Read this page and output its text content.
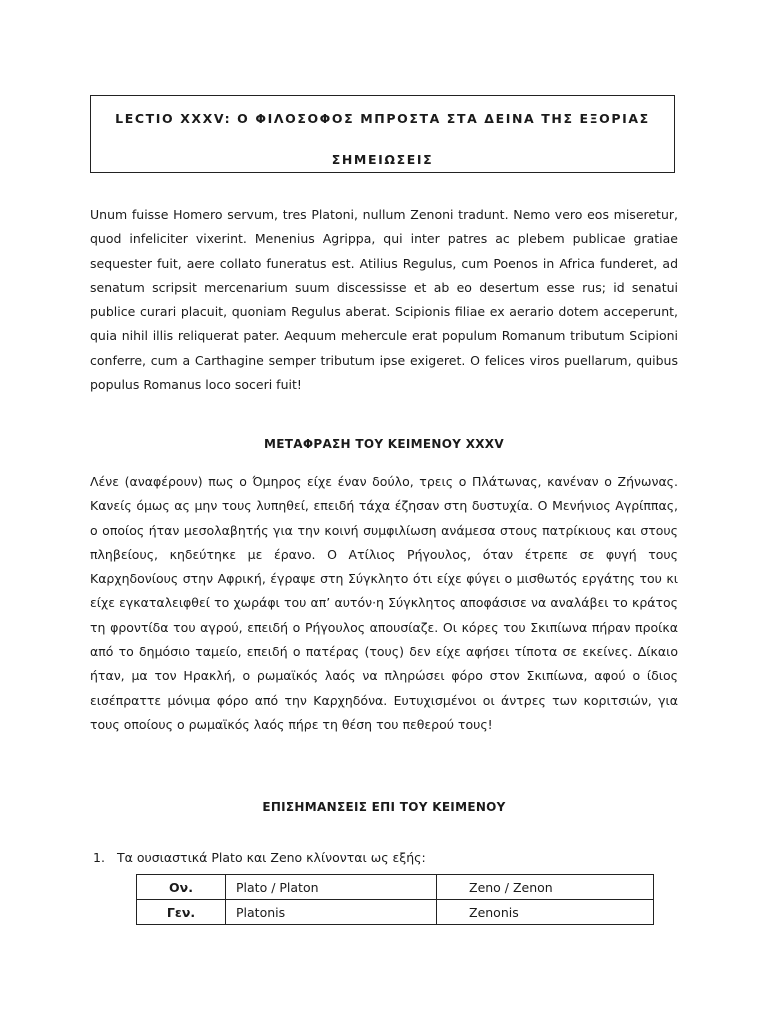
LECTIO XXXV: Ο ΦΙΛΟΣΟΦΟΣ ΜΠΡΟΣΤΑ ΣΤΑ ΔΕΙΝΑ ΤΗΣ ΕΞΟΡΙΑΣ
ΣΗΜΕΙΩΣΕΙΣ

Unum fuisse Homero servum, tres Platoni, nullum Zenoni tradunt. Nemo vero eos miseretur, quod infeliciter vixerint. Menenius Agrippa, qui inter patres ac plebem publicae gratiae sequester fuit, aere collato funeratus est. Atilius Regulus, cum Poenos in Africa funderet, ad senatum scripsit mercenarium suum discessisse et ab eo desertum esse rus; id senatui publice curari placuit, quoniam Regulus aberat. Scipionis filiae ex aerario dotem acceperunt, quia nihil illis reliquerat pater. Aequum mehercule erat populum Romanum tributum Scipioni conferre, cum a Carthagine semper tributum ipse exigeret. O felices viros puellarum, quibus populus Romanus loco soceri fuit!

ΜΕΤΑΦΡΑΣΗ ΤΟΥ ΚΕΙΜΕΝΟΥ XXXV

Λένε (αναφέρουν) πως ο Όμηρος είχε έναν δούλο, τρεις ο Πλάτωνας, κανέναν ο Ζήνωνας. Κανείς όμως ας μην τους λυπηθεί, επειδή τάχα έζησαν στη δυστυχία. Ο Μενήνιος Αγρίππας, ο οποίος ήταν μεσολαβητής για την κοινή συμφιλίωση ανάμεσα στους πατρίκιους και στους πληβείους, κηδεύτηκε με έρανο. Ο Ατίλιος Ρήγουλος, όταν έτρεπε σε φυγή τους Καρχηδονίους στην Αφρική, έγραψε στη Σύγκλητο ότι είχε φύγει ο μισθωτός εργάτης του κι είχε εγκαταλειφθεί το χωράφι του απ’ αυτόν·η Σύγκλητος αποφάσισε να αναλάβει το κράτος τη φροντίδα του αγρού, επειδή ο Ρήγουλος απουσίαζε. Οι κόρες του Σκιπίωνα πήραν προίκα από το δημόσιο ταμείο, επειδή ο πατέρας (τους) δεν είχε αφήσει τίποτα σε εκείνες. Δίκαιο ήταν, μα τον Ηρακλή, ο ρωμαϊκός λαός να πληρώσει φόρο στον Σκιπίωνα, αφού ο ίδιος εισέπραττε μόνιμα φόρο από την Καρχηδόνα. Ευτυχισμένοι οι άντρες των κοριτσιών, για τους οποίους ο ρωμαϊκός λαός πήρε τη θέση του πεθερού τους!

ΕΠΙΣΗΜΑΝΣΕΙΣ ΕΠΙ ΤΟΥ ΚΕΙΜΕΝΟΥ
1. Τα ουσιαστικά Plato και Zeno κλίνονται ως εξής:
Ον.	Plato / Platon	Zeno / Zenon
Γεν.	Platonis	Zenonis
